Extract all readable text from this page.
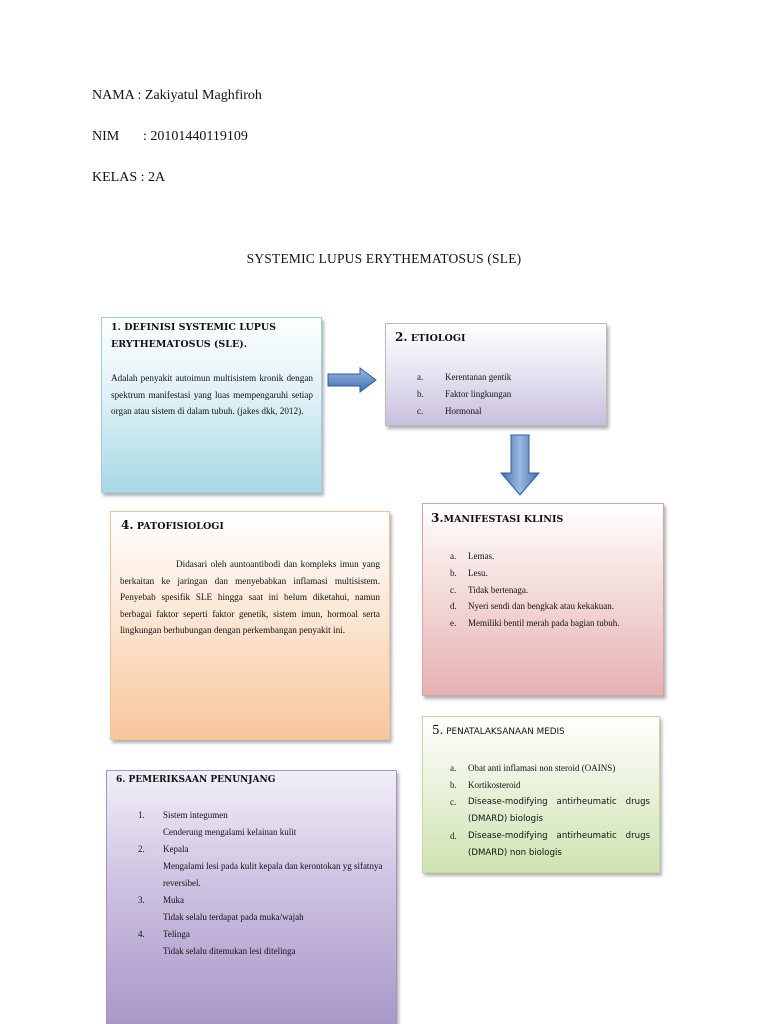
NAMA : Zakiyatul Maghfiroh
NIM : 20101440119109
KELAS : 2A
SYSTEMIC LUPUS ERYTHEMATOSUS (SLE)
1. DEFINISI SYSTEMIC LUPUS ERYTHEMATOSUS (SLE).
Adalah penyakit autoimun multisistem kronik dengan spektrum manifestasi yang luas mempengaruhi setiap organ atau sistem di dalam tubuh. (jakes dkk, 2012).
2. ETIOLOGI
a.	Kerentanan gentik
b.	Faktor lingkungan
c.	Hormonal
3.MANIFESTASI KLINIS
a.	Lemas.
b.	Lesu.
c.	Tidak bertenaga.
d.	Nyeri sendi dan bengkak atau kekakuan.
e.	Memiliki bentil merah pada bagian tubuh.
4. PATOFISIOLOGI
Didasari oleh auntoantibodi dan kompleks imun yang berkaitan ke jaringan dan menyebabkan inflamasi multisistem. Penyebab spesifik SLE hingga saat ini belum diketahui, namun berbagai faktor seperti faktor genetik, sistem imun, hormoal serta lingkungan berhubungan dengan perkembangan penyakit ini.
5. PENATALAKSANAAN MEDIS
a.	Obat anti inflamasi non steroid (OAINS)
b.	Kortikosteroid
c.	Disease-modifying antirheumatic drugs (DMARD) biologis
d.	Disease-modifying antirheumatic drugs (DMARD) non biologis
6. PEMERIKSAAN PENUNJANG
1.	Sistem integumen
Cenderung mengalami kelainan kulit
2.	Kepala
Mengalami lesi pada kulit kepala dan kerontokan yg sifatnya reversibel.
3.	Muka
Tidak selalu terdapat pada muka/wajah
4.	Telinga
Tidak selalu ditemukan lesi ditelinga
